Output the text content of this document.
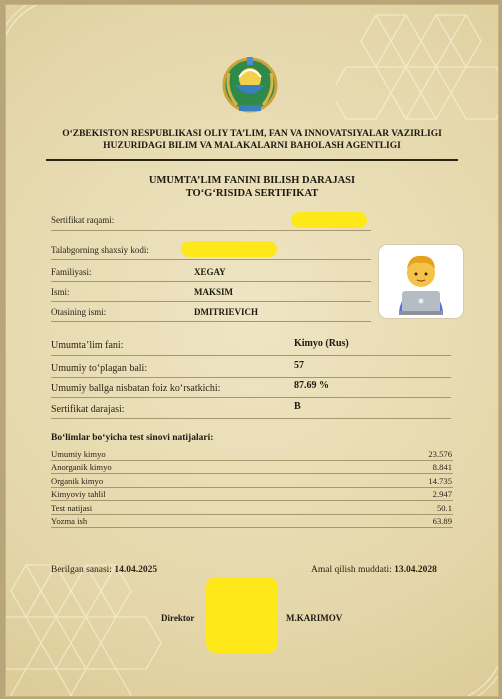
O‘ZBEKISTON RESPUBLIKASI OLIY TA’LIM, FAN VA INNOVATSIYALAR VAZIRLIGI
HUZURIDAGI BILIM VA MALAKALARNI BAHOLASH AGENTLIGI
UMUMTA’LIM FANINI BILISH DARAJASI
TO‘G‘RISIDA SERTIFIKAT
Sertifikat raqami:
Talabgorning shaxsiy kodi:
Familiyasi:	XEGAY
Ismi:	MAKSIM
Otasining ismi:	DMITRIEVICH
Umumta’lim fani:	Kimyo (Rus)
Umumiy to‘plagan bali:	57
Umumiy ballga nisbatan foiz ko‘rsatkichi:	87.69 %
Sertifikat darajasi:	B
Bo‘limlar bo‘yicha test sinovi natijalari:
Umumiy kimyo	23.576
Anorganik kimyo	8.841
Organik kimyo	14.735
Kimyoviy tahlil	2.947
Test natijasi	50.1
Yozma ish	63.89
Berilgan sanasi: 14.04.2025	Amal qilish muddati: 13.04.2028
Direktor	M.KARIMOV
